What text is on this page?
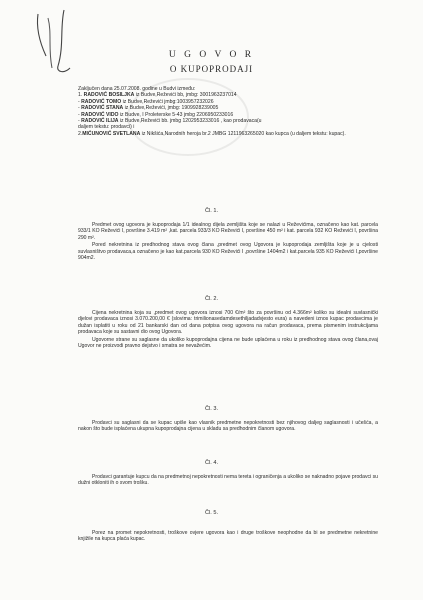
U G O V O R
O KUPOPRODAJI
Zaključen dana 25.07.2008. godine u Budvi između:
1. RADOVIĆ BOSILJKA iz Budve,Reževići bb, jmbg: 3001963237014
- RADOVIĆ TOMO iz Budve,Reževići jmbg:1003957232026
- RADOVIĆ STANA iz Budve,Reževići, jmbg: 1909928239005
- RADOVIĆ VIDO iz Budve, I Proleterske 5-43 jmbg 2206950233016
- RADOVIĆ ILIJA iz Budve,Reževići bb. jmbg 1202953233016 , kao prodavaca(u
daljem tekstu: prodavci) i
2.MIĆUNOVIĆ SVETLANA iz Nikšića,Narodnih heroja br.2 JMBG 1211963265020 kao kupca (u daljem tekstu: kupac).
Čl. 1.

Predmet ovog ugovora je kupoprodaja 1/1 idealnog dijela zemljišta koje se nalazi u Reževićima, označeno kao kat. parcela 933/1 KO Reževići I, površine 3.419 m² ,kat. parcela 933/3 KO Reževići I, površine 450 m² i kat. parcela 932 KO Reževići I, površina 290 m².

Pored nekretnina iz predhodnog stava ovog člana ,predmet ovog Ugovora je kupoprodaja zemljišta koje je u cjelosti suvlasništvo prodavaca,a označeno je kao kat.parcela 930 KO Reževići I ,površine 1404m2 i kat.parcela 935 KO Reževići I,površine 904m2.

Čl. 2.

Cijena nekretnina koja su ,predmet ovog ugovora iznosi 700 €/m² što za površinu od 4.366m² koliko su idealni suvlasnički djelovi prodavaca iznosi 3.070.200,00 € (slovima: trimilionasedamdesethiljadadvjesto eura) a navedeni iznos kupac prodavcima je dužan isplatiti u roku od 21 bankarski dan od dana potpisa ovog ugovora na račun prodavaca, prema pismenim instrukcijama prodavaca koje su sastavni dio ovog Ugovora.

Ugovorne strane su saglasne da ukoliko kupoprodajna cijena ne bude uplaćena u roku iz predhodnog stava ovog člana,ovaj Ugovor ne proizvodi pravno dejstvo i smatra se nevažećim.

Čl. 3.

Prodavci su saglasni da se kupac upiše kao vlasnik predmetne nepokretnosti bez njihovog daljeg saglasnosti i učešća, a nakon što bude isplaćena ukupna kupoprodajna cijena u skladu sa predhodnim članom ugovora.

Čl. 4.

Prodavci garantuje kupcu da na predmetnoj nepokretnosti nema tereta i ograničenja a ukoliko se naknadno pojave prodavci su dužni otkloniti ih o svom trošku.

Čl. 5.

Porez na promet nepokretnosti, troškove ovjere ugovora kao i druge troškove neophodne da bi se predmetne nekretnine knjižile na kupca plaća kupac.
